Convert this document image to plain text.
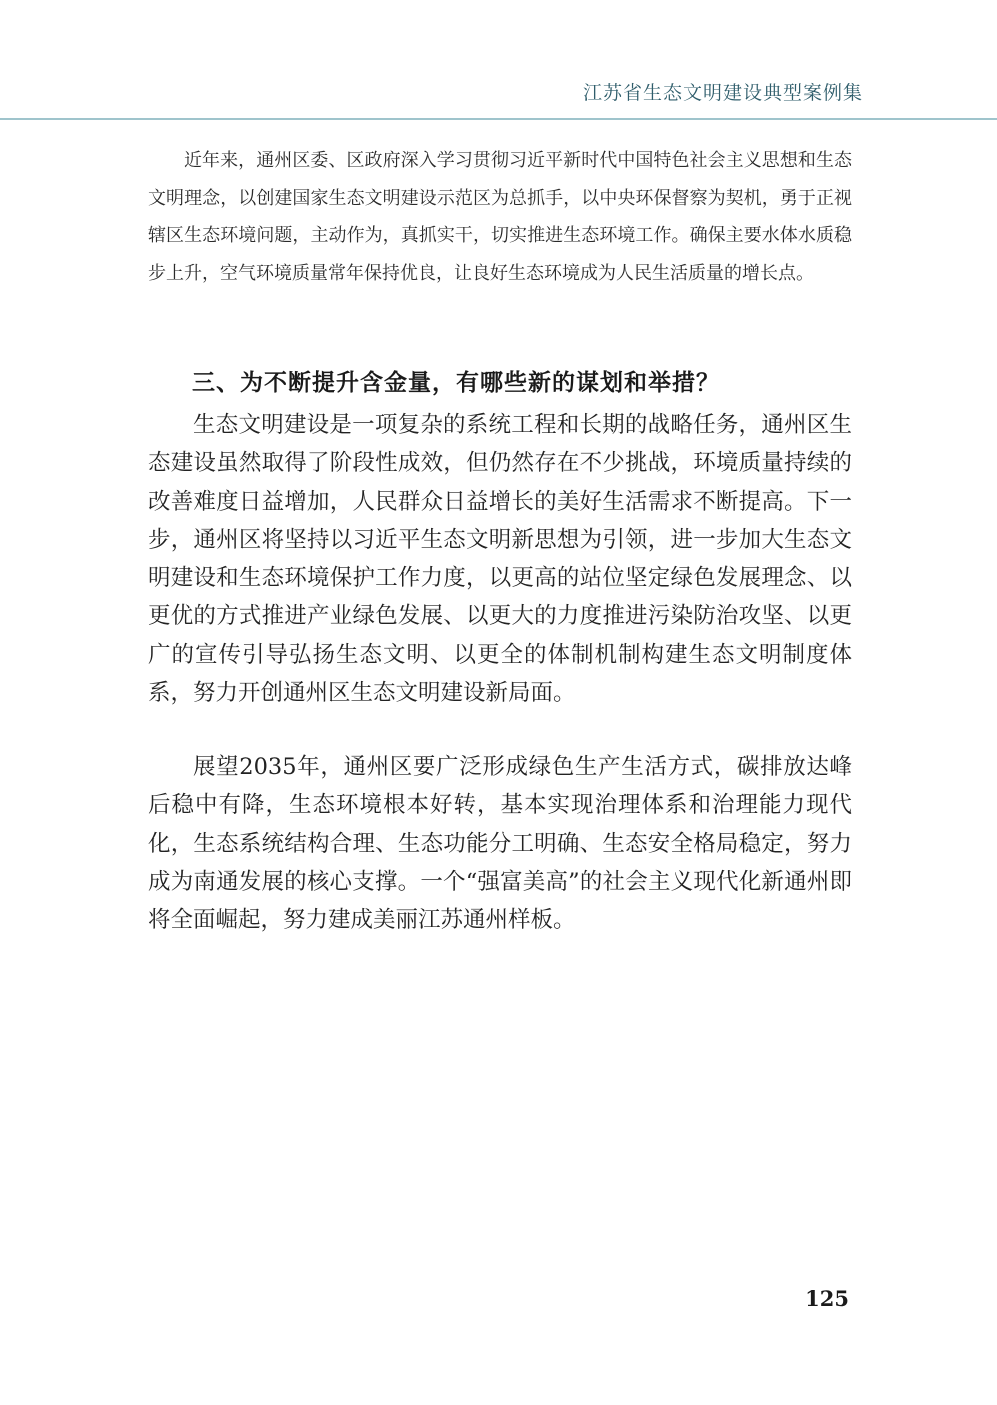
江苏省生态文明建设典型案例集

近年来，通州区委、区政府深入学习贯彻习近平新时代中国特色社会主义思想和生态文明理念，以创建国家生态文明建设示范区为总抓手，以中央环保督察为契机，勇于正视辖区生态环境问题，主动作为，真抓实干，切实推进生态环境工作。确保主要水体水质稳步上升，空气环境质量常年保持优良，让良好生态环境成为人民生活质量的增长点。

三、为不断提升含金量，有哪些新的谋划和举措？

生态文明建设是一项复杂的系统工程和长期的战略任务，通州区生态建设虽然取得了阶段性成效，但仍然存在不少挑战，环境质量持续的改善难度日益增加，人民群众日益增长的美好生活需求不断提高。下一步，通州区将坚持以习近平生态文明新思想为引领，进一步加大生态文明建设和生态环境保护工作力度，以更高的站位坚定绿色发展理念、以更优的方式推进产业绿色发展、以更大的力度推进污染防治攻坚、以更广的宣传引导弘扬生态文明、以更全的体制机制构建生态文明制度体系，努力开创通州区生态文明建设新局面。

展望2035年，通州区要广泛形成绿色生产生活方式，碳排放达峰后稳中有降，生态环境根本好转，基本实现治理体系和治理能力现代化，生态系统结构合理、生态功能分工明确、生态安全格局稳定，努力成为南通发展的核心支撑。一个“强富美高”的社会主义现代化新通州即将全面崛起，努力建成美丽江苏通州样板。

125
